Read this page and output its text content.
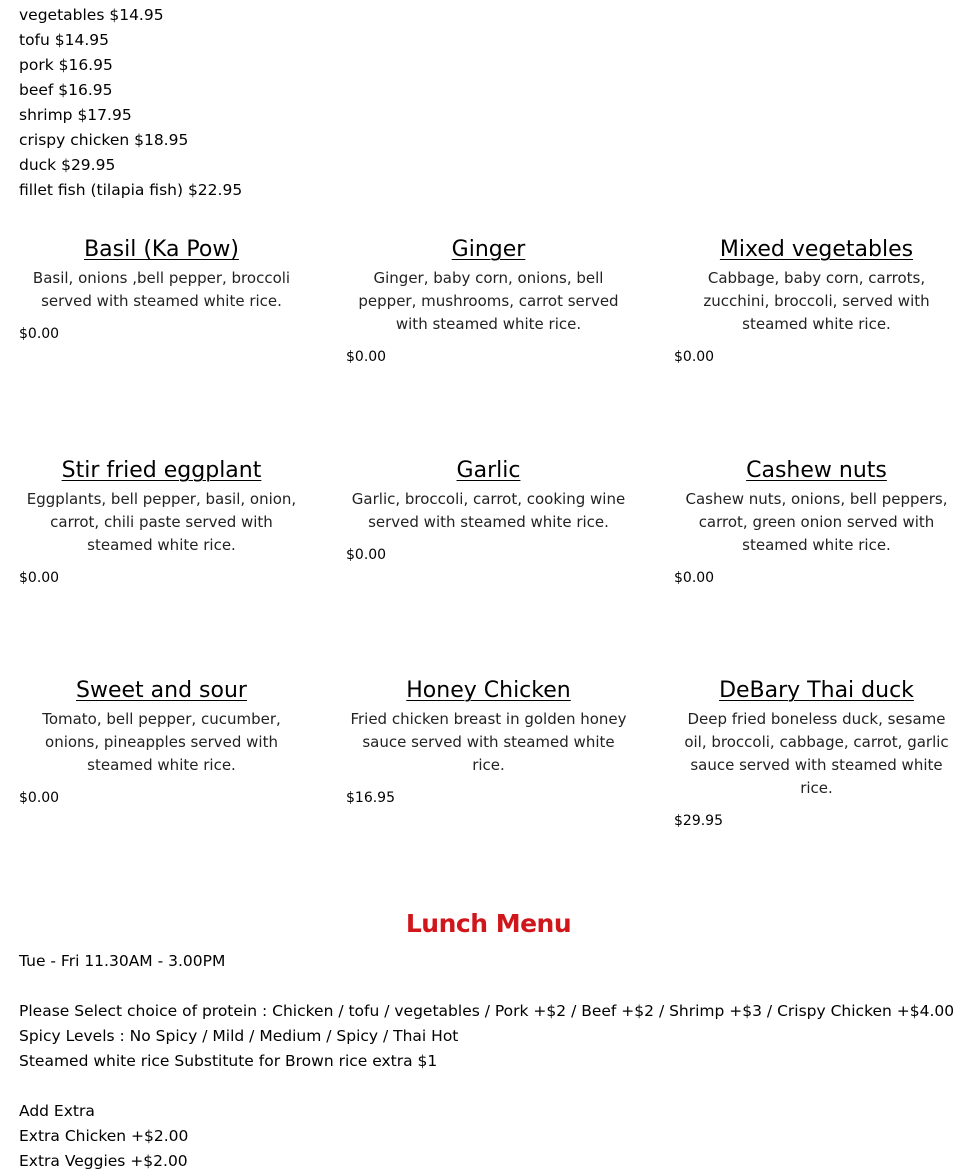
vegetables $14.95
tofu $14.95
pork $16.95
beef $16.95
shrimp $17.95
crispy chicken $18.95
duck $29.95
fillet fish (tilapia fish) $22.95
Basil (Ka Pow)

Basil, onions ,bell pepper, broccoli served with steamed white rice.

$0.00

Ginger

Ginger, baby corn, onions, bell pepper, mushrooms, carrot served with steamed white rice.

$0.00

Mixed vegetables

Cabbage, baby corn, carrots, zucchini, broccoli, served with steamed white rice.

$0.00

Stir fried eggplant

Eggplants, bell pepper, basil, onion, carrot, chili paste served with steamed white rice.

$0.00

Garlic

Garlic, broccoli, carrot, cooking wine served with steamed white rice.

$0.00

Cashew nuts

Cashew nuts, onions, bell peppers, carrot, green onion served with steamed white rice.

$0.00

Sweet and sour

Tomato, bell pepper, cucumber, onions, pineapples served with steamed white rice.

$0.00

Honey Chicken

Fried chicken breast in golden honey sauce served with steamed white rice.

$16.95

DeBary Thai duck

Deep fried boneless duck, sesame oil, broccoli, cabbage, carrot, garlic sauce served with steamed white rice.

$29.95

Lunch Menu
Tue - Fri 11.30AM - 3.00PM
Please Select choice of protein : Chicken / tofu / vegetables / Pork +$2 / Beef +$2 / Shrimp +$3 / Crispy Chicken +$4.00
Spicy Levels : No Spicy / Mild / Medium / Spicy / Thai Hot
Steamed white rice Substitute for Brown rice extra $1
Add Extra
Extra Chicken +$2.00
Extra Veggies +$2.00
